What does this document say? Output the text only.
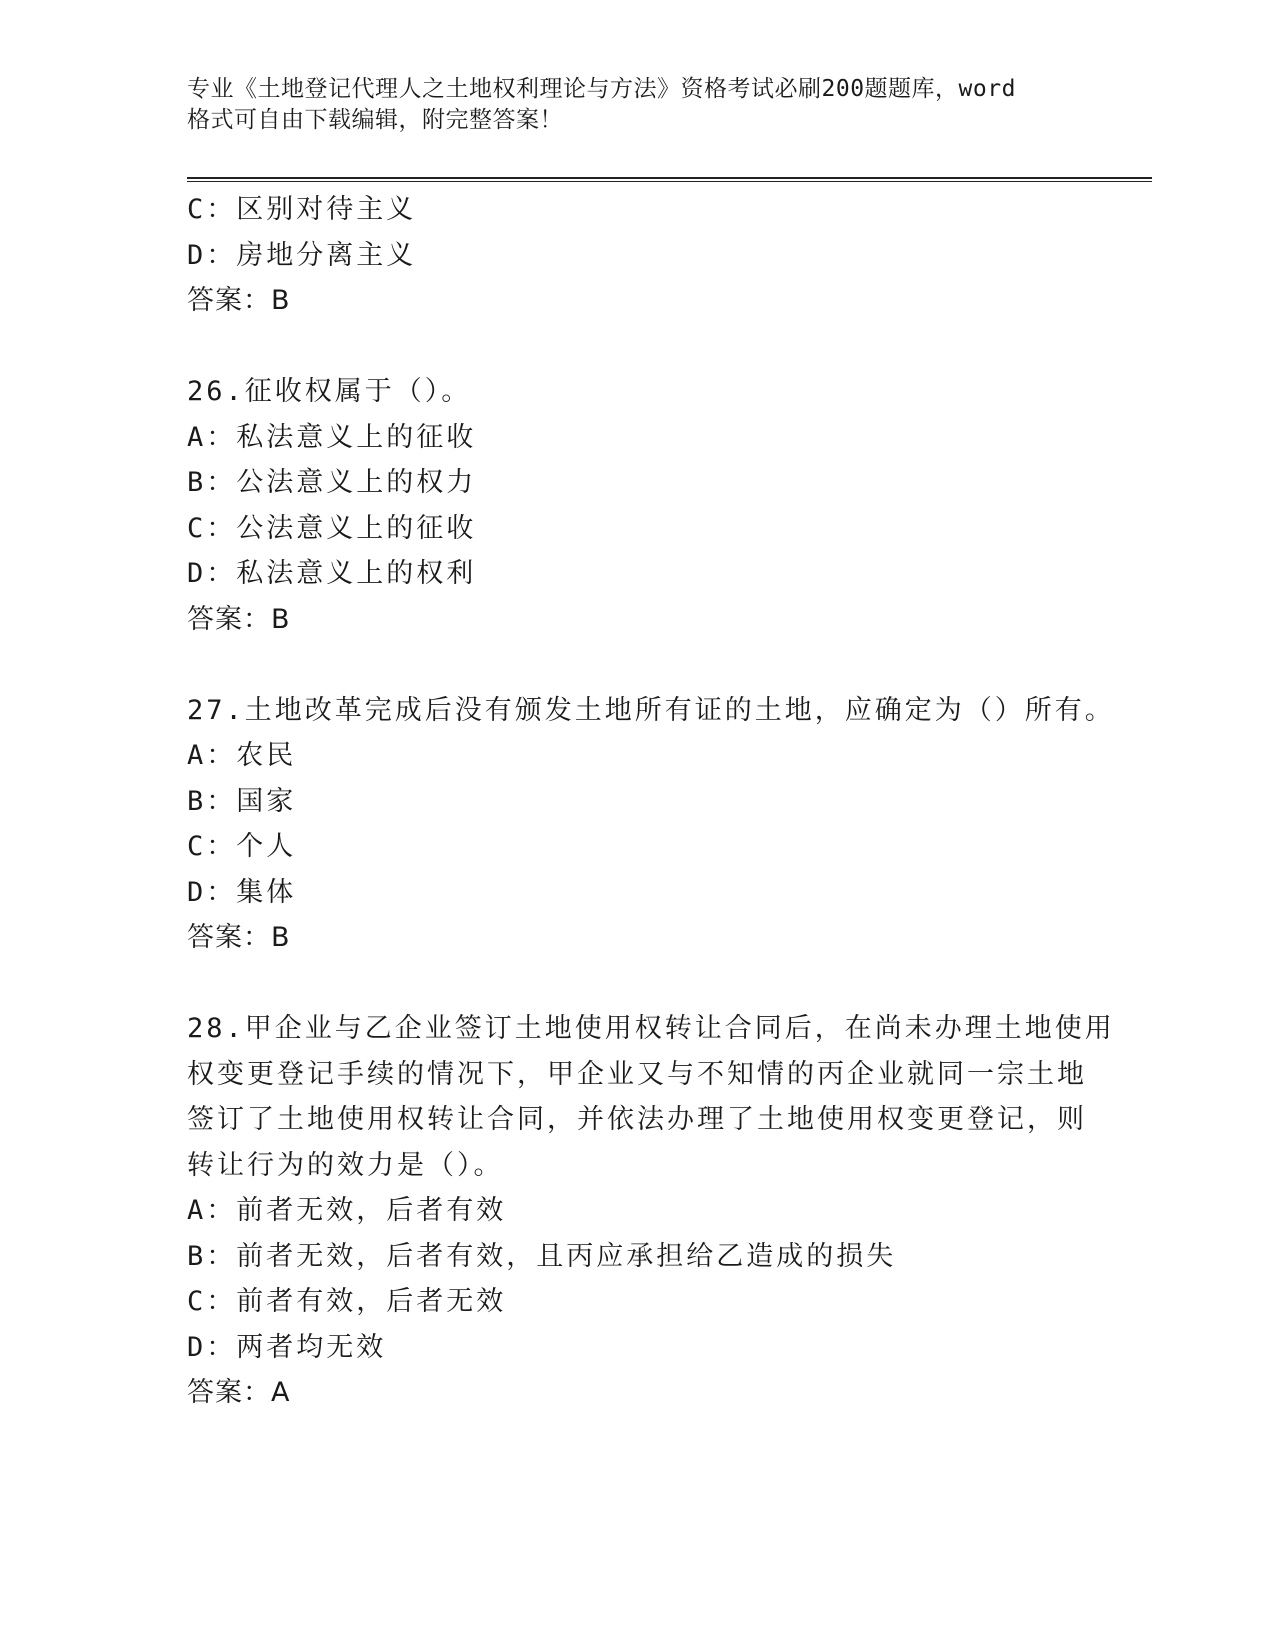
专业《土地登记代理人之土地权利理论与方法》资格考试必刷200题题库，word
格式可自由下载编辑，附完整答案！
C：区别对待主义
D：房地分离主义
答案：B
26.征收权属于（）。
A：私法意义上的征收
B：公法意义上的权力
C：公法意义上的征收
D：私法意义上的权利
答案：B
27.土地改革完成后没有颁发土地所有证的土地，应确定为（）所有。
A：农民
B：国家
C：个人
D：集体
答案：B
28.甲企业与乙企业签订土地使用权转让合同后，在尚未办理土地使用
权变更登记手续的情况下，甲企业又与不知情的丙企业就同一宗土地
签订了土地使用权转让合同，并依法办理了土地使用权变更登记，则
转让行为的效力是（）。
A：前者无效，后者有效
B：前者无效，后者有效，且丙应承担给乙造成的损失
C：前者有效，后者无效
D：两者均无效
答案：A
